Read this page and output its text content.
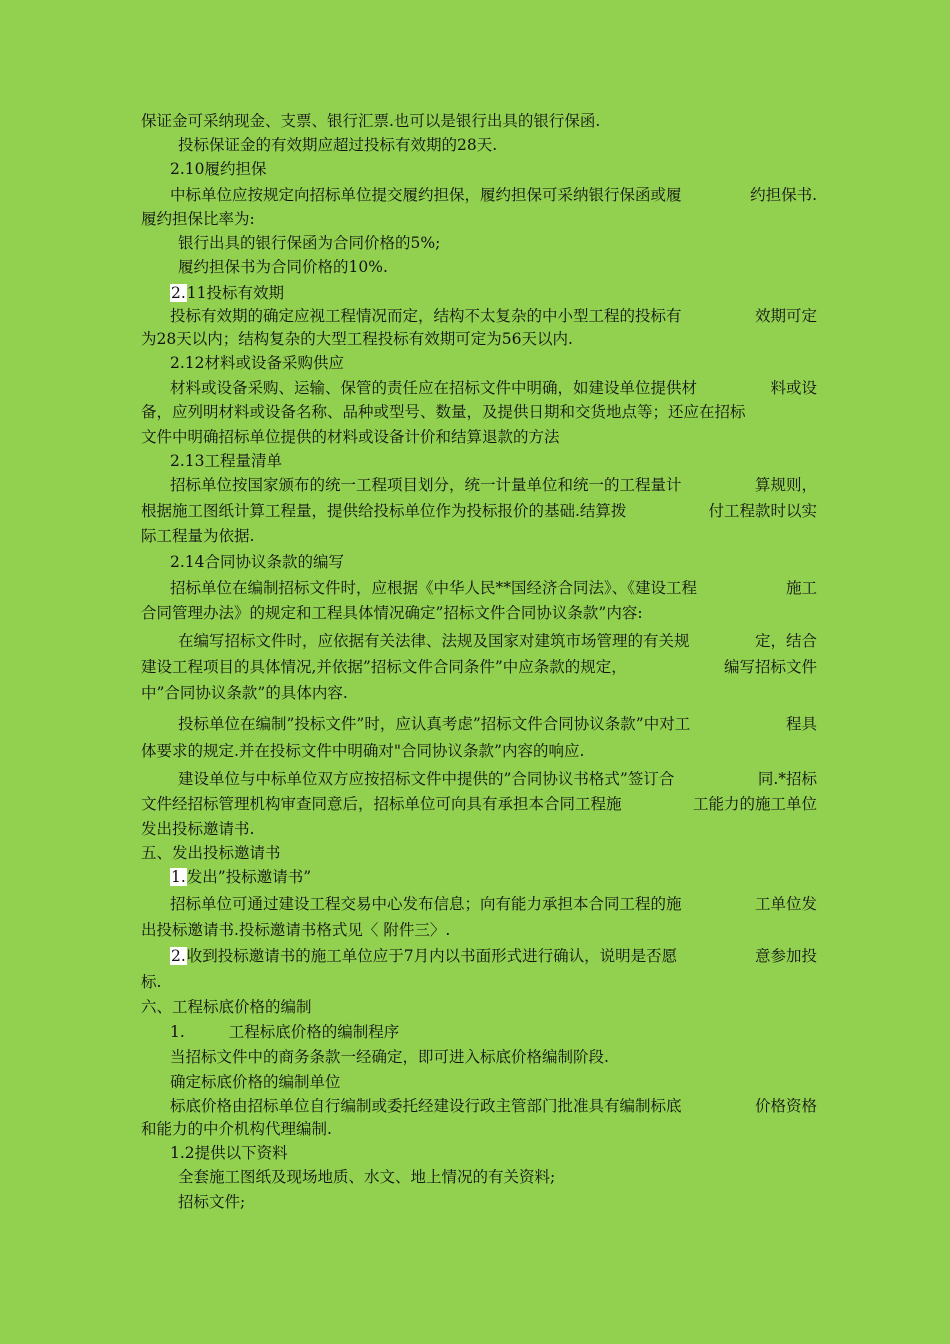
保证金可采纳现金、支票、银行汇票.也可以是银行出具的银行保函.

投标保证金的有效期应超过投标有效期的28天.

2.10履约担保

中标单位应按规定向招标单位提交履约担保，履约担保可采纳银行保函或履	约担保书.

履约担保比率为:

银行出具的银行保函为合同价格的5%;

履约担保书为合同价格的10%.

2.11投标有效期

投标有效期的确定应视工程情况而定，结构不太复杂的中小型工程的投标有	效期可定

为28天以内；结构复杂的大型工程投标有效期可定为56天以内.

2.12材料或设备采购供应

材料或设备采购、运输、保管的责任应在招标文件中明确，如建设单位提供材	料或设

备，应列明材料或设备名称、品种或型号、数量，及提供日期和交货地点等；还应在招标

文件中明确招标单位提供的材料或设备计价和结算退款的方法

2.13工程量清单

招标单位按国家颁布的统一工程项目划分，统一计量单位和统一的工程量计	算规则，
根据施工图纸计算工程量，提供给投标单位作为投标报价的基础.结算拨	付工程款时以实

际工程量为依据.

2.14合同协议条款的编写

招标单位在编制招标文件时，应根据《中华人民**国经济合同法》、《建设工程	施工

合同管理办法》的规定和工程具体情况确定”招标文件合同协议条款”内容:

在编写招标文件时，应依据有关法律、法规及国家对建筑市场管理的有关规	定，结合
建设工程项目的具体情况,并依据”招标文件合同条件”中应条款的规定，	编写招标文件

中”合同协议条款”的具体内容.

投标单位在编制”投标文件”时，应认真考虑”招标文件合同协议条款”中对工	程具

体要求的规定.并在投标文件中明确对"合同协议条款”内容的响应.

建设单位与中标单位双方应按招标文件中提供的”合同协议书格式”签订合	同.*招标
文件经招标管理机构审查同意后，招标单位可向具有承担本合同工程施	工能力的施工单位

发出投标邀请书.

五、发出投标邀请书

1.发出”投标邀请书”

招标单位可通过建设工程交易中心发布信息；向有能力承担本合同工程的施	工单位发

出投标邀请书.投标邀请书格式见〈 附件三〉.

2.收到投标邀请书的施工单位应于7月内以书面形式进行确认，说明是否愿	意参加投

标.

六、工程标底价格的编制

1.	工程标底价格的编制程序

当招标文件中的商务条款一经确定，即可进入标底价格编制阶段.

确定标底价格的编制单位

标底价格由招标单位自行编制或委托经建设行政主管部门批准具有编制标底	价格资格

和能力的中介机构代理编制.

1.2提供以下资料

全套施工图纸及现场地质、水文、地上情况的有关资料;

招标文件;
